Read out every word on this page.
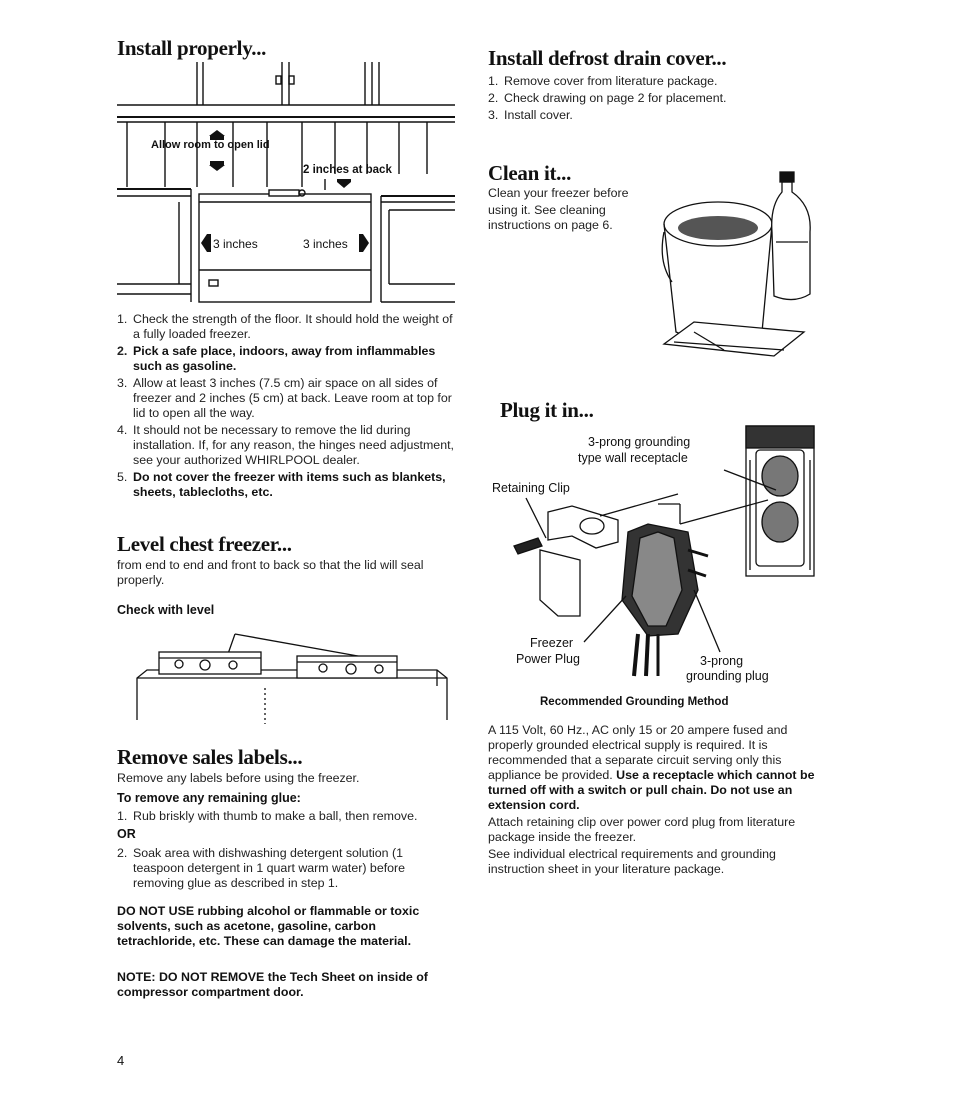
Install properly...
Allow room to open lid
2 inches at back
3 inches	3 inches
1. Check the strength of the floor. It should hold the weight of a fully loaded freezer.
2. Pick a safe place, indoors, away from inflammables such as gasoline.
3. Allow at least 3 inches (7.5 cm) air space on all sides of freezer and 2 inches (5 cm) at back. Leave room at top for lid to open all the way.
4. It should not be necessary to remove the lid during installation. If, for any reason, the hinges need adjustment, see your authorized WHIRLPOOL dealer.
5. Do not cover the freezer with items such as blankets, sheets, tablecloths, etc.
Level chest freezer...

from end to end and front to back so that the lid will seal properly.

Check with level
Remove sales labels...

Remove any labels before using the freezer.

To remove any remaining glue:
1. Rub briskly with thumb to make a ball, then remove.
OR
2. Soak area with dishwashing detergent solution (1 teaspoon detergent in 1 quart warm water) before removing glue as described in step 1.

DO NOT USE rubbing alcohol or flammable or toxic solvents, such as acetone, gasoline, carbon tetrachloride, etc. These can damage the material.

NOTE: DO NOT REMOVE the Tech Sheet on inside of compressor compartment door.

Install defrost drain cover...
1. Remove cover from literature package.
2. Check drawing on page 2 for placement.
3. Install cover.
Clean it...
Clean your freezer before
using it. See cleaning
instructions on page 6.
Plug it in...
3-prong grounding
type wall receptacle
Retaining Clip
Freezer
Power Plug	3-prong
grounding plug
Recommended Grounding Method

A 115 Volt, 60 Hz., AC only 15 or 20 ampere fused and properly grounded electrical supply is required. It is recommended that a separate circuit serving only this appliance be provided. Use a receptacle which cannot be turned off with a switch or pull chain. Do not use an extension cord.

Attach retaining clip over power cord plug from literature package inside the freezer.

See individual electrical requirements and grounding instruction sheet in your literature package.

4
